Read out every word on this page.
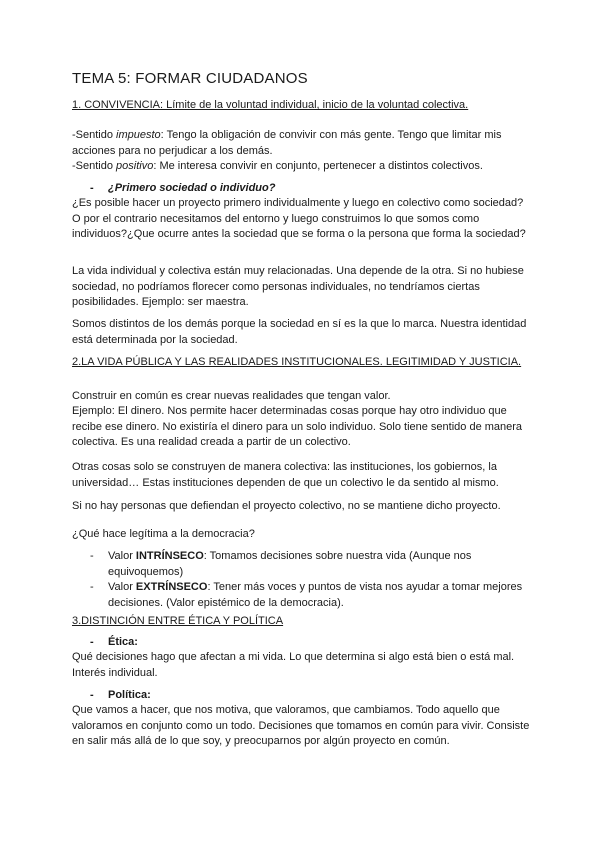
TEMA 5: FORMAR CIUDADANOS
1. CONVIVENCIA: Límite de la voluntad individual, inicio de la voluntad colectiva.
-Sentido impuesto: Tengo la obligación de convivir con más gente. Tengo que limitar mis acciones para no perjudicar a los demás.
-Sentido positivo: Me interesa convivir en conjunto, pertenecer a distintos colectivos.
- ¿Primero sociedad o individuo?
¿Es posible hacer un proyecto primero individualmente y luego en colectivo como sociedad? O por el contrario necesitamos del entorno y luego construimos lo que somos como individuos?¿Que ocurre antes la sociedad que se forma o la persona que forma la sociedad?
La vida individual y colectiva están muy relacionadas. Una depende de la otra. Si no hubiese sociedad, no podríamos florecer como personas individuales, no tendríamos ciertas posibilidades. Ejemplo: ser maestra.
Somos distintos de los demás porque la sociedad en sí es la que lo marca. Nuestra identidad está determinada por la sociedad.
2.LA VIDA PÚBLICA Y LAS REALIDADES INSTITUCIONALES. LEGITIMIDAD Y JUSTICIA.
Construir en común es crear nuevas realidades que tengan valor.
Ejemplo: El dinero. Nos permite hacer determinadas cosas porque hay otro individuo que recibe ese dinero. No existiría el dinero para un solo individuo. Solo tiene sentido de manera colectiva. Es una realidad creada a partir de un colectivo.
Otras cosas solo se construyen de manera colectiva: las instituciones, los gobiernos, la universidad… Estas instituciones dependen de que un colectivo le da sentido al mismo.
Si no hay personas que defiendan el proyecto colectivo, no se mantiene dicho proyecto.
¿Qué hace legítima a la democracia?
- Valor INTRÍNSECO: Tomamos decisiones sobre nuestra vida (Aunque nos equivoquemos)
- Valor EXTRÍNSECO: Tener más voces y puntos de vista nos ayudar a tomar mejores decisiones. (Valor epistémico de la democracia).
3.DISTINCIÓN ENTRE ÉTICA Y POLÍTICA
- Ética:
Qué decisiones hago que afectan a mi vida. Lo que determina si algo está bien o está mal. Interés individual.
- Política:
Que vamos a hacer, que nos motiva, que valoramos, que cambiamos. Todo aquello que valoramos en conjunto como un todo. Decisiones que tomamos en común para vivir. Consiste en salir más allá de lo que soy, y preocuparnos por algún proyecto en común.
